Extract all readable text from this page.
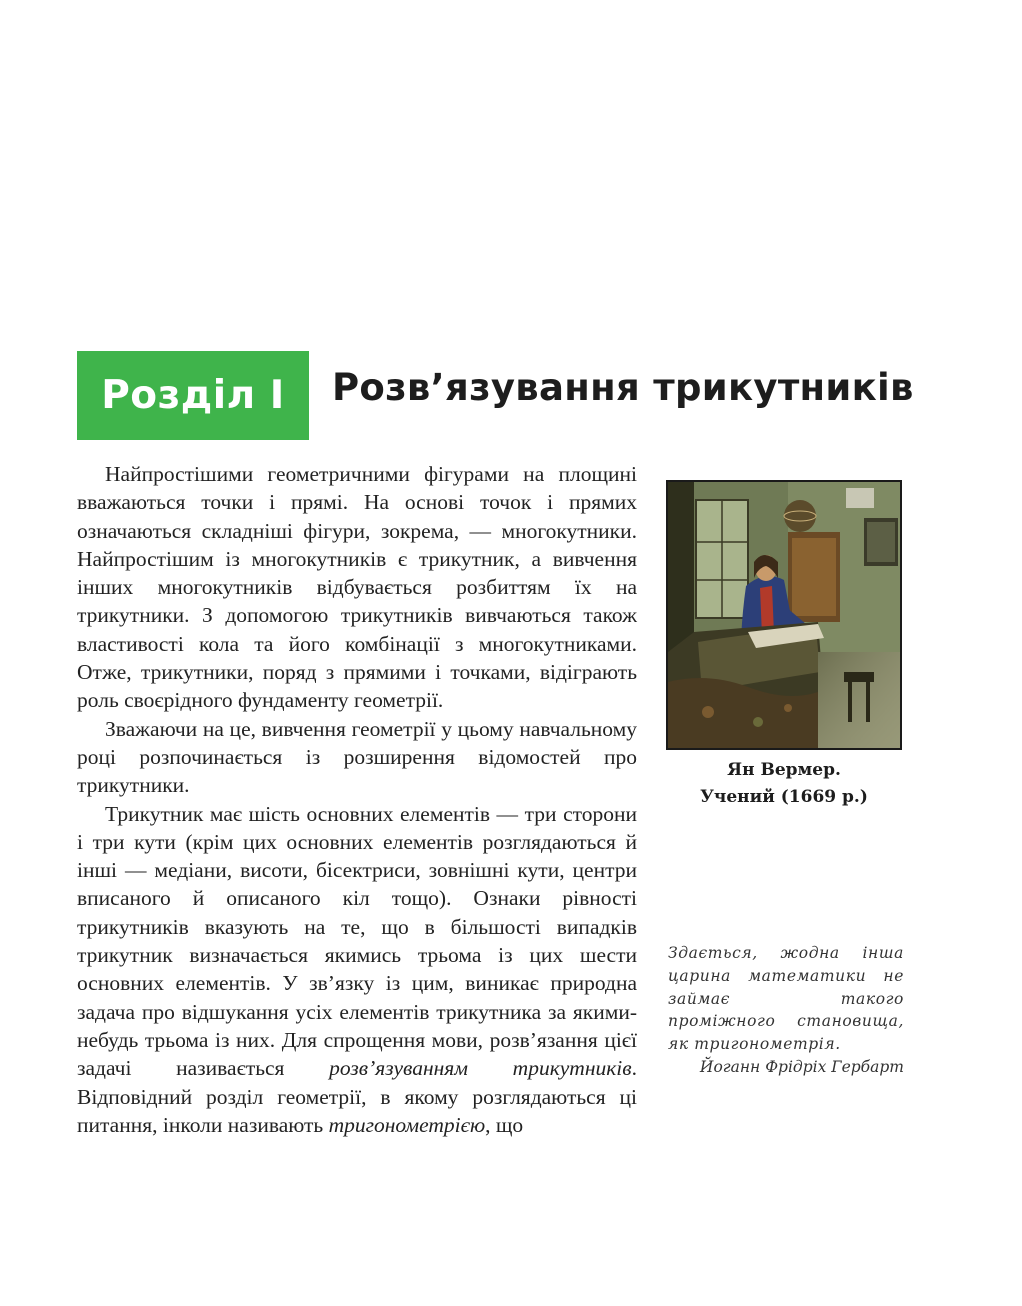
Розділ I Розв’язування трикутників

Найпростішими геометричними фігурами на площині вважаються точки і прямі. На основі точок і прямих означаються складніші фігури, зокрема, — многокутники. Найпростішим із многокутників є трикутник, а вивчення інших многокутників відбувається розбиттям їх на трикутники. З допомогою трикутників вивчаються також властивості кола та його комбінації з многокутниками. Отже, трикутники, поряд з прямими і точками, відіграють роль своєрідного фундаменту геометрії.

Зважаючи на це, вивчення геометрії у цьому навчальному році розпочинається із розширення відомостей про трикутники.

Трикутник має шість основних елементів — три сторони і три кути (крім цих основних елементів розглядаються й інші — медіани, висоти, бісектриси, зовнішні кути, центри вписаного й описаного кіл тощо). Ознаки рівності трикутників вказують на те, що в більшості випадків трикутник визначається якимись трьома із цих шести основних елементів. У зв’язку із цим, виникає природна задача про відшукання усіх елементів трикутника за якими-небудь трьома із них. Для спрощення мови, розв’язання цієї задачі називається розв’язуванням трикутників. Відповідний розділ геометрії, в якому розглядаються ці питання, інколи називають тригонометрією, що

Ян Вермер.
Учений (1669 р.)

Здається, жодна інша царина математики не займає такого проміжного становища, як тригонометрія.

Йоганн Фрідріх Гербарт
